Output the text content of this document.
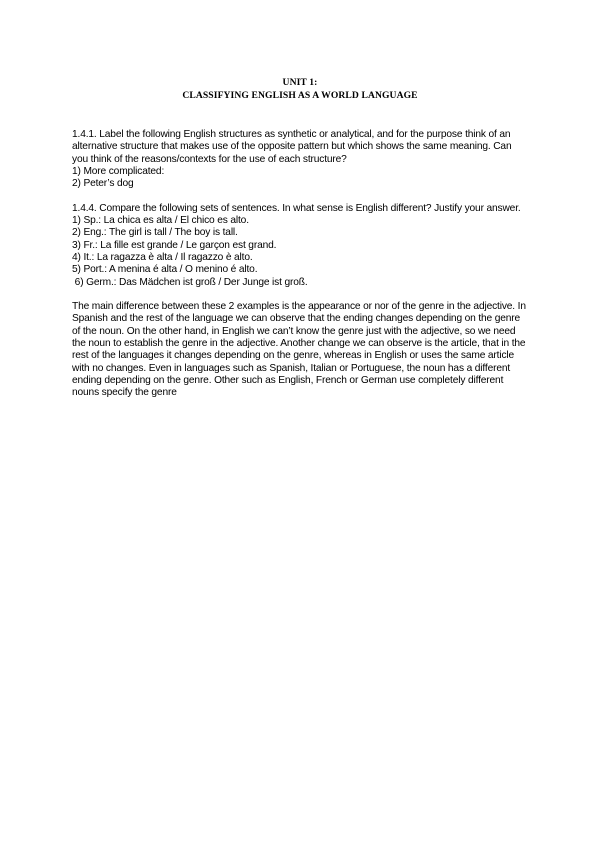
UNIT 1:
CLASSIFYING ENGLISH AS A WORLD LANGUAGE

1.4.1. Label the following English structures as synthetic or analytical, and for the purpose think of an alternative structure that makes use of the opposite pattern but which shows the same meaning. Can you think of the reasons/contexts for the use of each structure?

1) More complicated:

2) Peter’s dog

1.4.4. Compare the following sets of sentences. In what sense is English different? Justify your answer.

1) Sp.: La chica es alta / El chico es alto.

2) Eng.: The girl is tall / The boy is tall.

3) Fr.: La fille est grande / Le garçon est grand.

4) It.: La ragazza è alta / Il ragazzo è alto.

5) Port.: A menina é alta / O menino é alto.

6) Germ.: Das Mädchen ist groß / Der Junge ist groß.

The main difference between these 2 examples is the appearance or nor of the genre in the adjective. In Spanish and the rest of the language we can observe that the ending changes depending on the genre of the noun. On the other hand, in English we can’t know the genre just with the adjective, so we need the noun to establish the genre in the adjective. Another change we can observe is the article, that in the rest of the languages it changes depending on the genre, whereas in English or uses the same article with no changes. Even in languages such as Spanish, Italian or Portuguese, the noun has a different ending depending on the genre. Other such as English, French or German use completely different nouns specify the genre
